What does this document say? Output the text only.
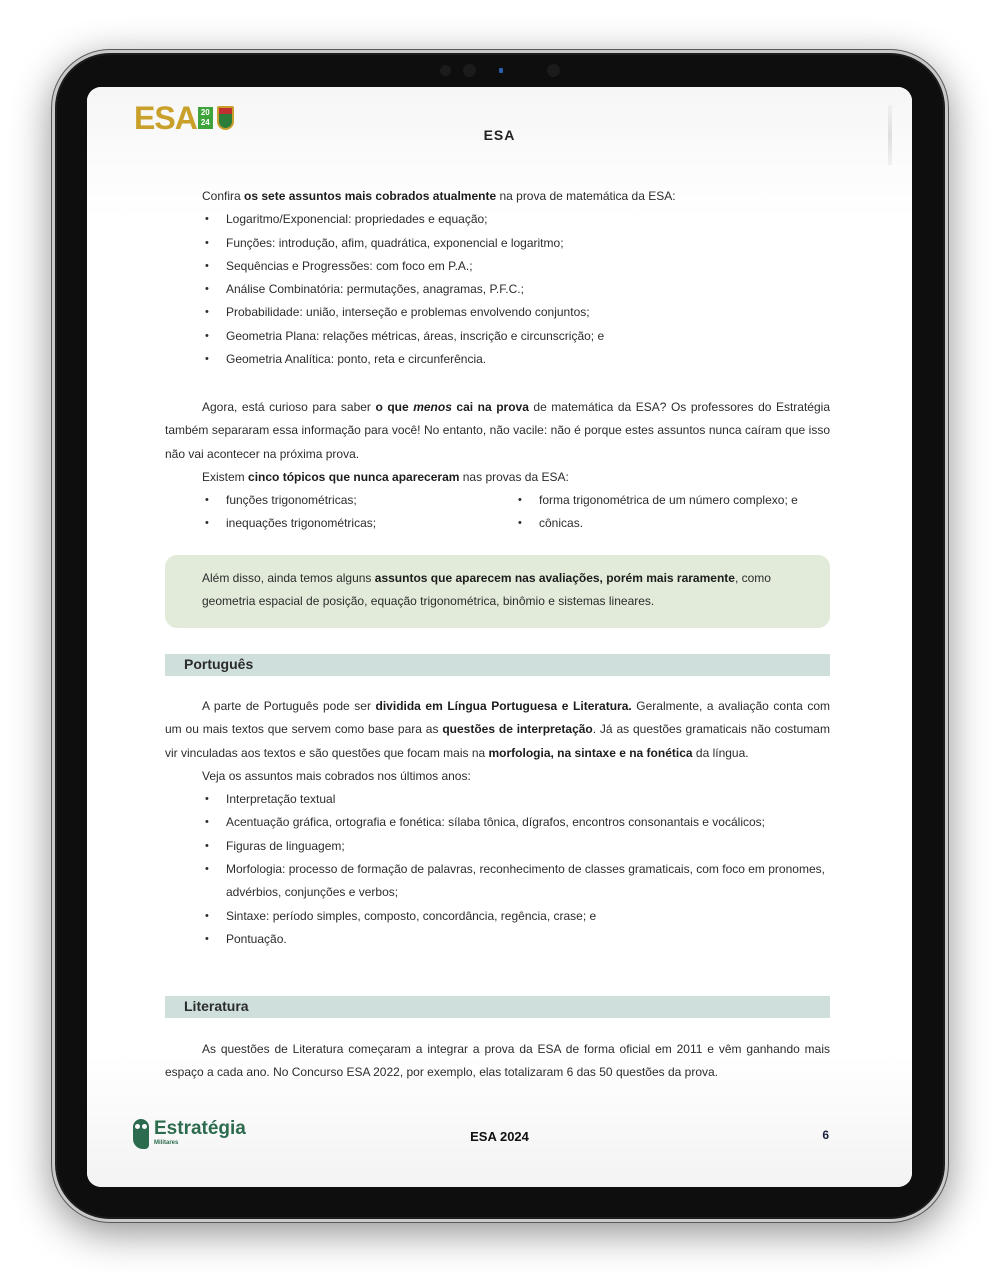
ESA 20
24
ESA

Confira os sete assuntos mais cobrados atualmente na prova de matemática da ESA:

• Logaritmo/Exponencial: propriedades e equação;
• Funções: introdução, afim, quadrática, exponencial e logaritmo;
• Sequências e Progressões: com foco em P.A.;
• Análise Combinatória: permutações, anagramas, P.F.C.;
• Probabilidade: união, interseção e problemas envolvendo conjuntos;
• Geometria Plana: relações métricas, áreas, inscrição e circunscrição; e
• Geometria Analítica: ponto, reta e circunferência.

Agora, está curioso para saber o que menos cai na prova de matemática da ESA? Os professores do Estratégia também separaram essa informação para você! No entanto, não vacile: não é porque estes assuntos nunca caíram que isso não vai acontecer na próxima prova.

Existem cinco tópicos que nunca apareceram nas provas da ESA:

• funções trigonométricas;
• inequações trigonométricas;
• forma trigonométrica de um número complexo; e
• cônicas.
Além disso, ainda temos alguns assuntos que aparecem nas avaliações, porém mais raramente, como geometria espacial de posição, equação trigonométrica, binômio e sistemas lineares.
Português

A parte de Português pode ser dividida em Língua Portuguesa e Literatura. Geralmente, a avaliação conta com um ou mais textos que servem como base para as questões de interpretação. Já as questões gramaticais não costumam vir vinculadas aos textos e são questões que focam mais na morfologia, na sintaxe e na fonética da língua.

Veja os assuntos mais cobrados nos últimos anos:

• Interpretação textual
• Acentuação gráfica, ortografia e fonética: sílaba tônica, dígrafos, encontros consonantais e vocálicos;
• Figuras de linguagem;
• Morfologia: processo de formação de palavras, reconhecimento de classes gramaticais, com foco em pronomes, advérbios, conjunções e verbos;
• Sintaxe: período simples, composto, concordância, regência, crase; e
• Pontuação.
Literatura

As questões de Literatura começaram a integrar a prova da ESA de forma oficial em 2011 e vêm ganhando mais espaço a cada ano. No Concurso ESA 2022, por exemplo, elas totalizaram 6 das 50 questões da prova.

Estratégia
Militares	ESA 2024	6
